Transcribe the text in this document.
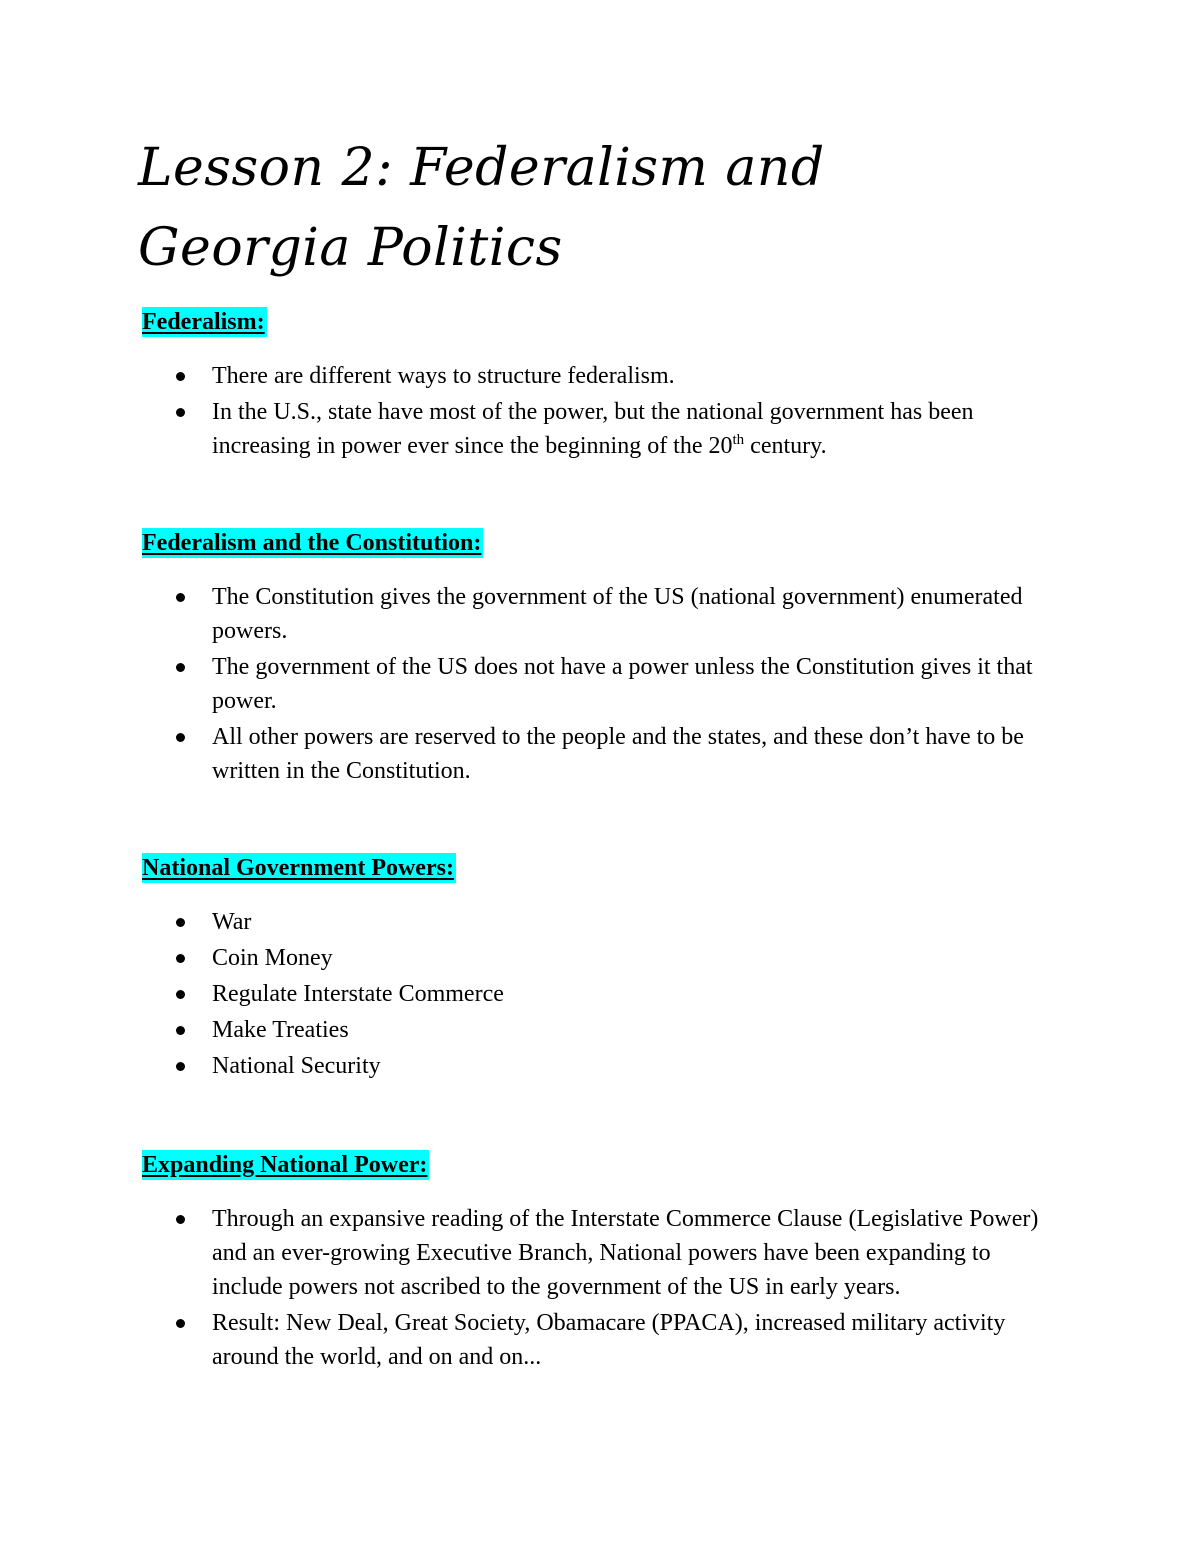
Lesson 2: Federalism and Georgia Politics
Federalism:
There are different ways to structure federalism.
In the U.S., state have most of the power, but the national government has been increasing in power ever since the beginning of the 20th century.
Federalism and the Constitution:
The Constitution gives the government of the US (national government) enumerated powers.
The government of the US does not have a power unless the Constitution gives it that power.
All other powers are reserved to the people and the states, and these don’t have to be written in the Constitution.
National Government Powers:
War
Coin Money
Regulate Interstate Commerce
Make Treaties
National Security
Expanding National Power:
Through an expansive reading of the Interstate Commerce Clause (Legislative Power) and an ever-growing Executive Branch, National powers have been expanding to include powers not ascribed to the government of the US in early years.
Result: New Deal, Great Society, Obamacare (PPACA), increased military activity around the world, and on and on...
